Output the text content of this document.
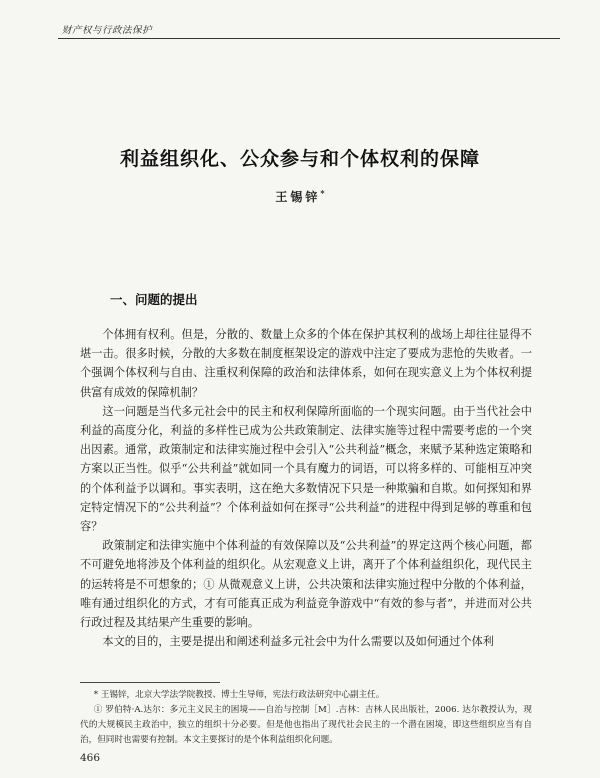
财产权与行政法保护
利益组织化、公众参与和个体权利的保障
王锡锌*
一、问题的提出

个体拥有权利。但是，分散的、数量上众多的个体在保护其权利的战场上却往往显得不堪一击。很多时候，分散的大多数在制度框架设定的游戏中注定了要成为悲怆的失败者。一个强调个体权利与自由、注重权利保障的政治和法律体系，如何在现实意义上为个体权利提供富有成效的保障机制？

这一问题是当代多元社会中的民主和权利保障所面临的一个现实问题。由于当代社会中利益的高度分化，利益的多样性已成为公共政策制定、法律实施等过程中需要考虑的一个突出因素。通常，政策制定和法律实施过程中会引入“公共利益”概念，来赋予某种选定策略和方案以正当性。似乎“公共利益”就如同一个具有魔力的词语，可以将多样的、可能相互冲突的个体利益予以调和。事实表明，这在绝大多数情况下只是一种欺骗和自欺。如何探知和界定特定情况下的“公共利益”？个体利益如何在探寻“公共利益”的进程中得到足够的尊重和包容？

政策制定和法律实施中个体利益的有效保障以及“公共利益”的界定这两个核心问题，都不可避免地将涉及个体利益的组织化。从宏观意义上讲，离开了个体利益组织化，现代民主的运转将是不可想象的；① 从微观意义上讲，公共决策和法律实施过程中分散的个体利益，唯有通过组织化的方式，才有可能真正成为利益竞争游戏中“有效的参与者”，并进而对公共行政过程及其结果产生重要的影响。

本文的目的，主要是提出和阐述利益多元社会中为什么需要以及如何通过个体利

* 王锡锌，北京大学法学院教授、博士生导师，宪法行政法研究中心副主任。

① 罗伯特·A.达尔：多元主义民主的困境——自治与控制［M］.吉林：吉林人民出版社，2006. 达尔教授认为，现代的大规模民主政治中，独立的组织十分必要。但是他也指出了现代社会民主的一个潜在困境，即这些组织应当有自治，但同时也需要有控制。本文主要探讨的是个体利益组织化问题。

466
